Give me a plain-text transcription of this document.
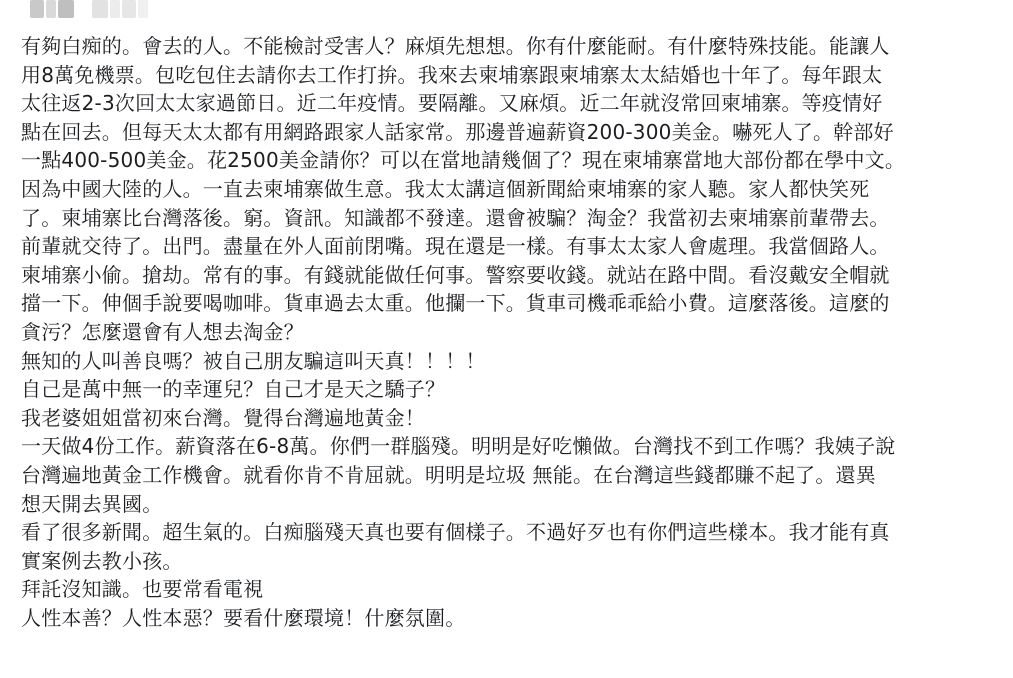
有夠白痴的。會去的人。不能檢討受害人？麻煩先想想。你有什麼能耐。有什麼特殊技能。能讓人
用8萬免機票。包吃包住去請你去工作打拚。我來去柬埔寨跟柬埔寨太太結婚也十年了。每年跟太
太往返2-3次回太太家過節日。近二年疫情。要隔離。又麻煩。近二年就沒常回柬埔寨。等疫情好
點在回去。但每天太太都有用網路跟家人話家常。那邊普遍薪資200-300美金。嚇死人了。幹部好
一點400-500美金。花2500美金請你？可以在當地請幾個了？現在柬埔寨當地大部份都在學中文。
因為中國大陸的人。一直去柬埔寨做生意。我太太講這個新聞給柬埔寨的家人聽。家人都快笑死
了。柬埔寨比台灣落後。窮。資訊。知識都不發達。還會被騙？淘金？我當初去柬埔寨前輩帶去。
前輩就交待了。出門。盡量在外人面前閉嘴。現在還是一樣。有事太太家人會處理。我當個路人。
柬埔寨小偷。搶劫。常有的事。有錢就能做任何事。警察要收錢。就站在路中間。看沒戴安全帽就
擋一下。伸個手說要喝咖啡。貨車過去太重。他攔一下。貨車司機乖乖給小費。這麼落後。這麼的
貪污？怎麼還會有人想去淘金？
無知的人叫善良嗎？被自己朋友騙這叫天真！！！！
自己是萬中無一的幸運兒？自己才是天之驕子？
我老婆姐姐當初來台灣。覺得台灣遍地黃金！
一天做4份工作。薪資落在6-8萬。你們一群腦殘。明明是好吃懶做。台灣找不到工作嗎？我姨子說
台灣遍地黃金工作機會。就看你肯不肯屈就。明明是垃圾 無能。在台灣這些錢都賺不起了。還異
想天開去異國。
看了很多新聞。超生氣的。白痴腦殘天真也要有個樣子。不過好歹也有你們這些樣本。我才能有真
實案例去教小孩。
拜託沒知識。也要常看電視
人性本善？人性本惡？要看什麼環境！什麼氛圍。
